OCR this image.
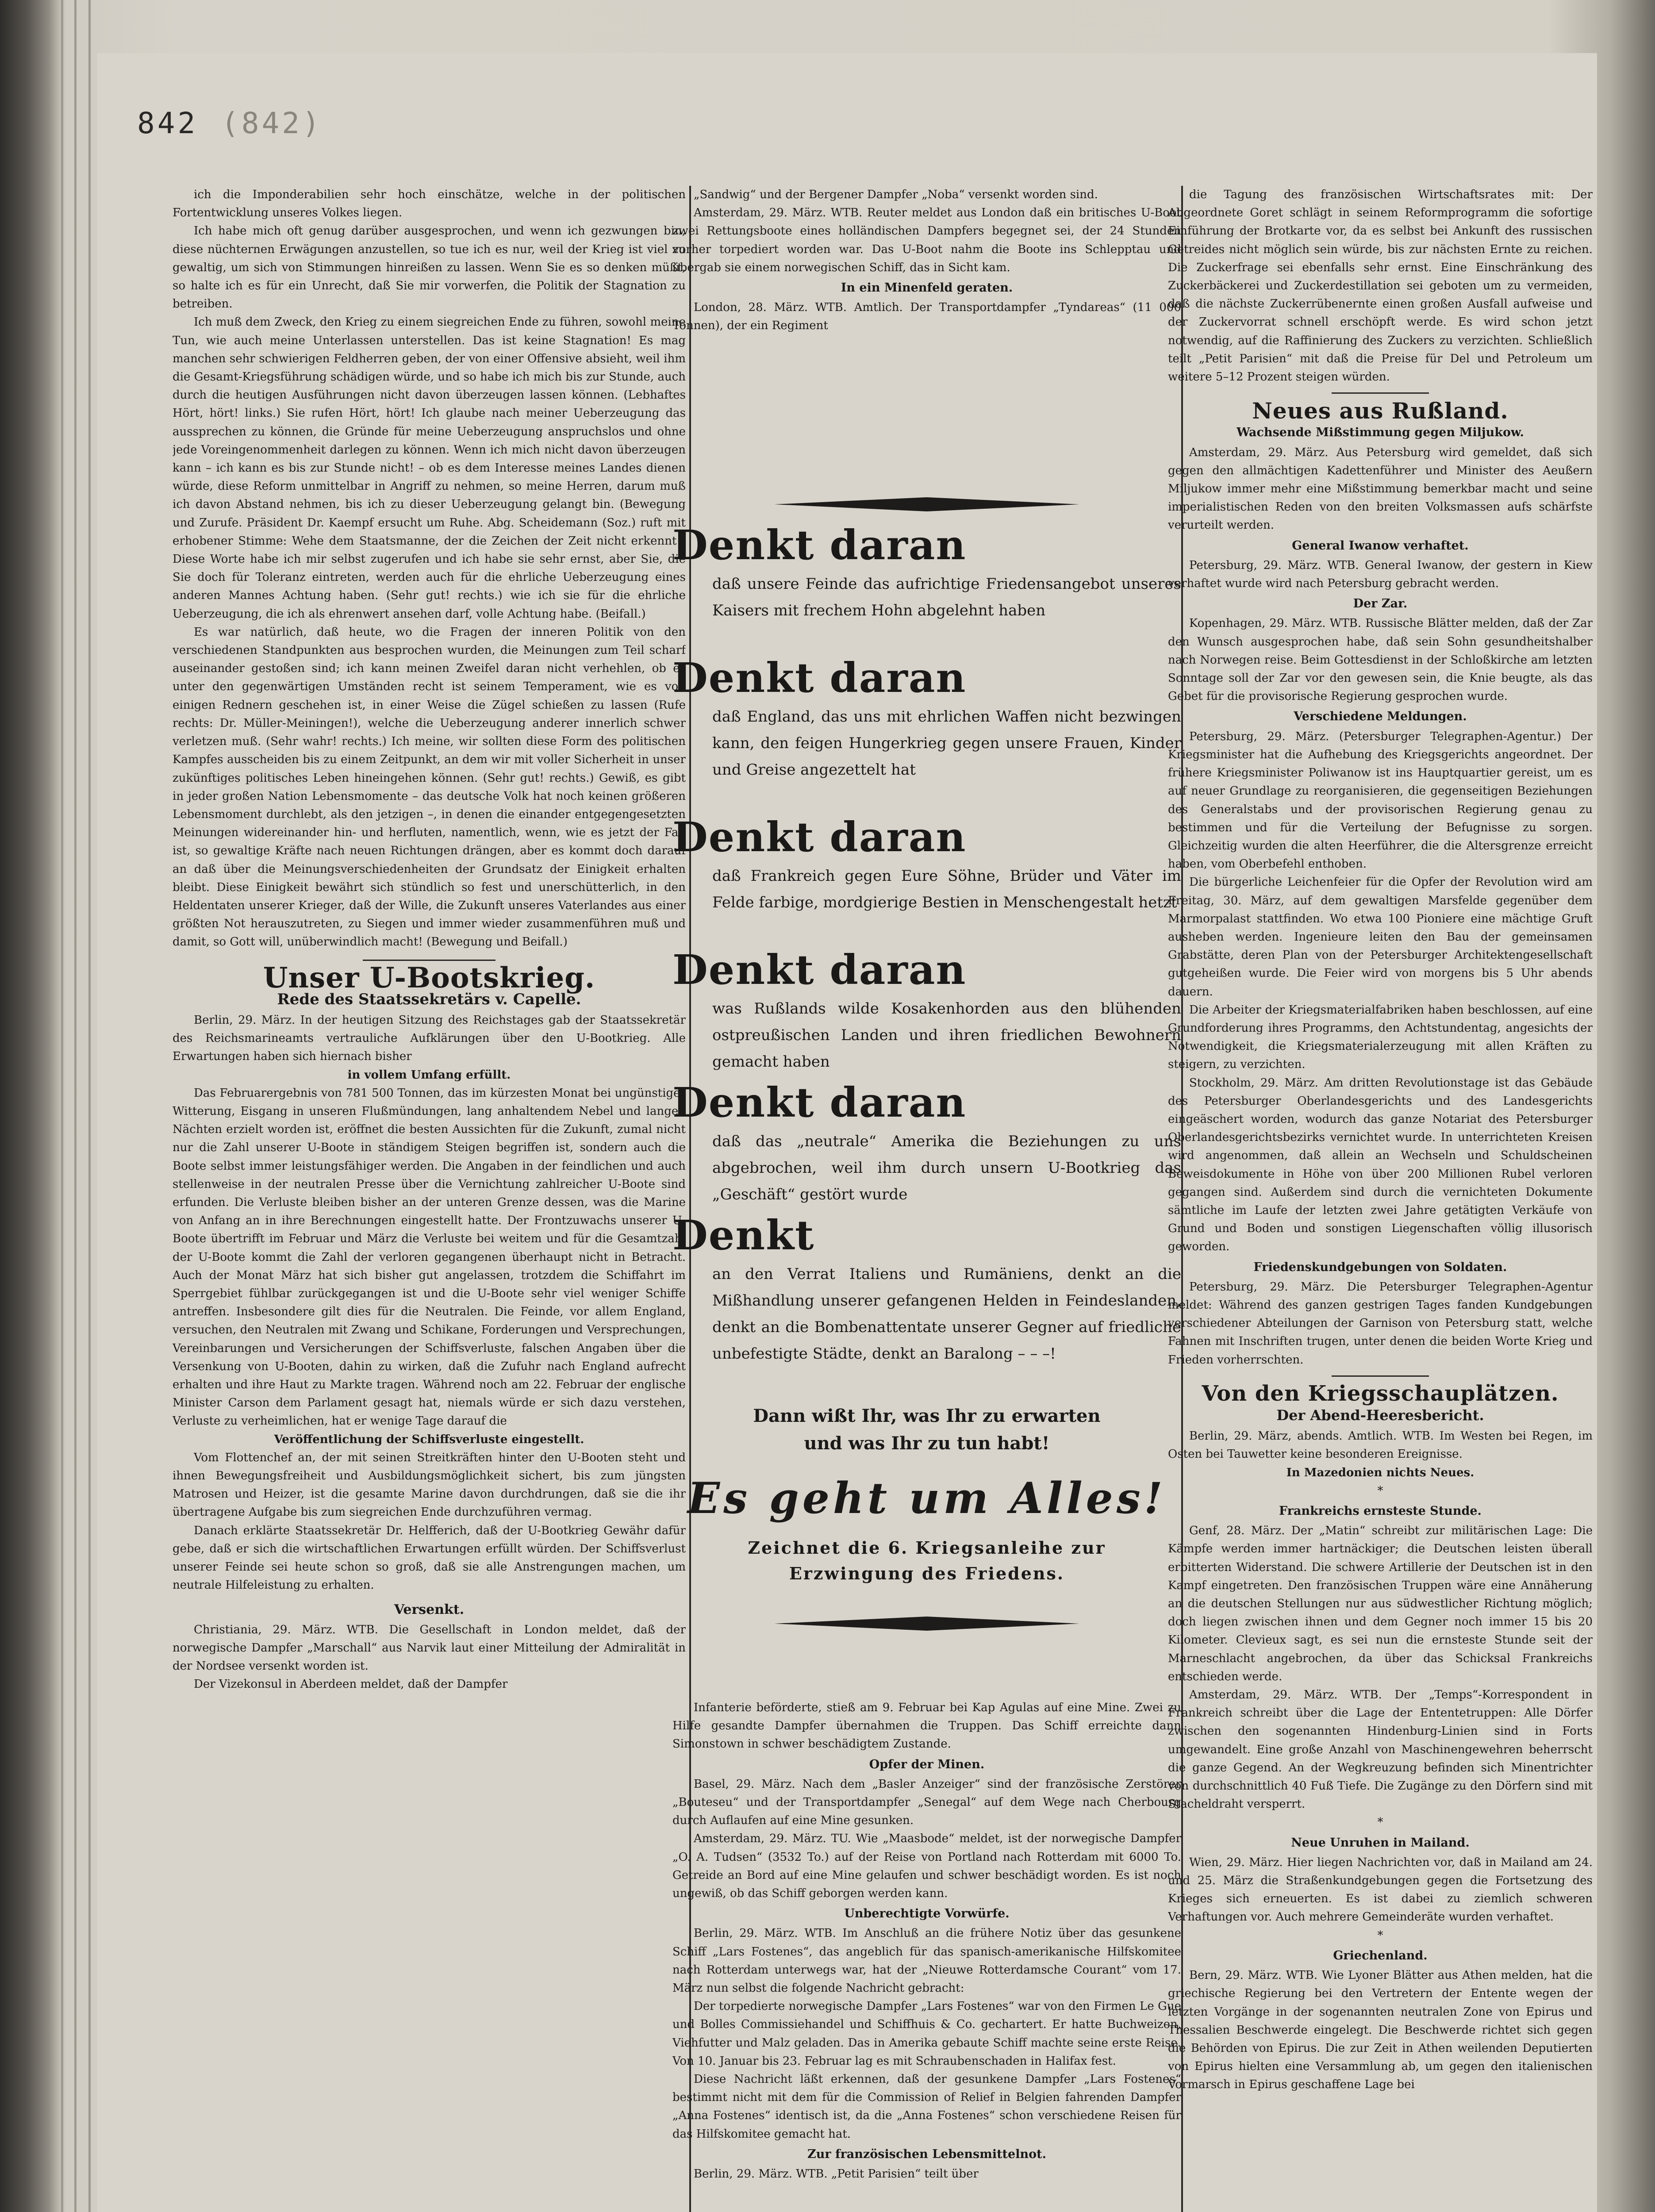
842 (842)

ich die Imponderabilien sehr hoch einschätze, welche in der politischen Fortentwicklung unseres Volkes liegen.

Ich habe mich oft genug darüber ausgesprochen, und wenn ich gezwungen bin, diese nüchternen Erwägungen anzustellen, so tue ich es nur, weil der Krieg ist viel zu gewaltig, um sich von Stimmungen hinreißen zu lassen. Wenn Sie es so denken müßt, so halte ich es für ein Unrecht, daß Sie mir vorwerfen, die Politik der Stagnation zu betreiben.

Ich muß dem Zweck, den Krieg zu einem siegreichen Ende zu führen, sowohl meine Tun, wie auch meine Unterlassen unterstellen. Das ist keine Stagnation! Es mag manchen sehr schwierigen Feldherren geben, der von einer Offensive absieht, weil ihm die Gesamt-Kriegsführung schädigen würde, und so habe ich mich bis zur Stunde, auch durch die heutigen Ausführungen nicht davon überzeugen lassen können. (Lebhaftes Hört, hört! links.) Sie rufen Hört, hört! Ich glaube nach meiner Ueberzeugung das aussprechen zu können, die Gründe für meine Ueberzeugung anspruchslos und ohne jede Voreingenommenheit darlegen zu können. Wenn ich mich nicht davon überzeugen kann – ich kann es bis zur Stunde nicht! – ob es dem Interesse meines Landes dienen würde, diese Reform unmittelbar in Angriff zu nehmen, so meine Herren, darum muß ich davon Abstand nehmen, bis ich zu dieser Ueberzeugung gelangt bin. (Bewegung und Zurufe. Präsident Dr. Kaempf ersucht um Ruhe. Abg. Scheidemann (Soz.) ruft mit erhobener Stimme: Wehe dem Staatsmanne, der die Zeichen der Zeit nicht erkennt!) Diese Worte habe ich mir selbst zugerufen und ich habe sie sehr ernst, aber Sie, die Sie doch für Toleranz eintreten, werden auch für die ehrliche Ueberzeugung eines anderen Mannes Achtung haben. (Sehr gut! rechts.) wie ich sie für die ehrliche Ueberzeugung, die ich als ehrenwert ansehen darf, volle Achtung habe. (Beifall.)

Es war natürlich, daß heute, wo die Fragen der inneren Politik von den verschiedenen Standpunkten aus besprochen wurden, die Meinungen zum Teil scharf auseinander gestoßen sind; ich kann meinen Zweifel daran nicht verhehlen, ob es unter den gegenwärtigen Umständen recht ist seinem Temperament, wie es von einigen Rednern geschehen ist, in einer Weise die Zügel schießen zu lassen (Rufe rechts: Dr. Müller-Meiningen!), welche die Ueberzeugung anderer innerlich schwer verletzen muß. (Sehr wahr! rechts.) Ich meine, wir sollten diese Form des politischen Kampfes ausscheiden bis zu einem Zeitpunkt, an dem wir mit voller Sicherheit in unser zukünftiges politisches Leben hineingehen können. (Sehr gut! rechts.) Gewiß, es gibt in jeder großen Nation Lebensmomente – das deutsche Volk hat noch keinen größeren Lebensmoment durchlebt, als den jetzigen –, in denen die einander entgegengesetzten Meinungen widereinander hin- und herfluten, namentlich, wenn, wie es jetzt der Fall ist, so gewaltige Kräfte nach neuen Richtungen drängen, aber es kommt doch darauf an daß über die Meinungsverschiedenheiten der Grundsatz der Einigkeit erhalten bleibt. Diese Einigkeit bewährt sich stündlich so fest und unerschütterlich, in den Heldentaten unserer Krieger, daß der Wille, die Zukunft unseres Vaterlandes aus einer größten Not herauszutreten, zu Siegen und immer wieder zusammenführen muß und damit, so Gott will, unüberwindlich macht! (Bewegung und Beifall.)

Unser U-Bootskrieg.
Rede des Staatssekretärs v. Capelle.

Berlin, 29. März. In der heutigen Sitzung des Reichstages gab der Staatssekretär des Reichsmarineamts vertrauliche Aufklärungen über den U-Bootkrieg. Alle Erwartungen haben sich hiernach bisher

in vollem Umfang erfüllt.

Das Februarergebnis von 781 500 Tonnen, das im kürzesten Monat bei ungünstiger Witterung, Eisgang in unseren Flußmündungen, lang anhaltendem Nebel und langen Nächten erzielt worden ist, eröffnet die besten Aussichten für die Zukunft, zumal nicht nur die Zahl unserer U-Boote in ständigem Steigen begriffen ist, sondern auch die Boote selbst immer leistungsfähiger werden. Die Angaben in der feindlichen und auch stellenweise in der neutralen Presse über die Vernichtung zahlreicher U-Boote sind erfunden. Die Verluste bleiben bisher an der unteren Grenze dessen, was die Marine von Anfang an in ihre Berechnungen eingestellt hatte. Der Frontzuwachs unserer U-Boote übertrifft im Februar und März die Verluste bei weitem und für die Gesamtzahl der U-Boote kommt die Zahl der verloren gegangenen überhaupt nicht in Betracht. Auch der Monat März hat sich bisher gut angelassen, trotzdem die Schiffahrt im Sperrgebiet fühlbar zurückgegangen ist und die U-Boote sehr viel weniger Schiffe antreffen. Insbesondere gilt dies für die Neutralen. Die Feinde, vor allem England, versuchen, den Neutralen mit Zwang und Schikane, Forderungen und Versprechungen, Vereinbarungen und Versicherungen der Schiffsverluste, falschen Angaben über die Versenkung von U-Booten, dahin zu wirken, daß die Zufuhr nach England aufrecht erhalten und ihre Haut zu Markte tragen. Während noch am 22. Februar der englische Minister Carson dem Parlament gesagt hat, niemals würde er sich dazu verstehen, Verluste zu verheimlichen, hat er wenige Tage darauf die

Veröffentlichung der Schiffsverluste eingestellt.

Vom Flottenchef an, der mit seinen Streitkräften hinter den U-Booten steht und ihnen Bewegungsfreiheit und Ausbildungsmöglichkeit sichert, bis zum jüngsten Matrosen und Heizer, ist die gesamte Marine davon durchdrungen, daß sie die ihr übertragene Aufgabe bis zum siegreichen Ende durchzuführen vermag.

Danach erklärte Staatssekretär Dr. Helfferich, daß der U-Bootkrieg Gewähr dafür gebe, daß er sich die wirtschaftlichen Erwartungen erfüllt würden. Der Schiffsverlust unserer Feinde sei heute schon so groß, daß sie alle Anstrengungen machen, um neutrale Hilfeleistung zu erhalten.

Versenkt.

Christiania, 29. März. WTB. Die Gesellschaft in London meldet, daß der norwegische Dampfer „Marschall“ aus Narvik laut einer Mitteilung der Admiralität in der Nordsee versenkt worden ist.

Der Vizekonsul in Aberdeen meldet, daß der Dampfer

„Sandwig“ und der Bergener Dampfer „Noba“ versenkt worden sind.

Amsterdam, 29. März. WTB. Reuter meldet aus London daß ein britisches U-Boot zwei Rettungsboote eines holländischen Dampfers begegnet sei, der 24 Stunden vorher torpediert worden war. Das U-Boot nahm die Boote ins Schlepptau und übergab sie einem norwegischen Schiff, das in Sicht kam.

In ein Minenfeld geraten.

London, 28. März. WTB. Amtlich. Der Transportdampfer „Tyndareas“ (11 000 Tonnen), der ein Regiment

Denkt daran
daß unsere Feinde das aufrichtige Friedensangebot unseres Kaisers mit frechem Hohn abgelehnt haben
Denkt daran
daß England, das uns mit ehrlichen Waffen nicht bezwingen kann, den feigen Hungerkrieg gegen unsere Frauen, Kinder und Greise angezettelt hat
Denkt daran
daß Frankreich gegen Eure Söhne, Brüder und Väter im Felde farbige, mordgierige Bestien in Menschengestalt hetzt
Denkt daran
was Rußlands wilde Kosakenhorden aus den blühenden ostpreußischen Landen und ihren friedlichen Bewohnern gemacht haben
Denkt daran
daß das „neutrale“ Amerika die Beziehungen zu uns abgebrochen, weil ihm durch unsern U-Bootkrieg das „Geschäft“ gestört wurde
Denkt
an den Verrat Italiens und Rumäniens, denkt an die Mißhandlung unserer gefangenen Helden in Feindeslanden, denkt an die Bombenattentate unserer Gegner auf friedliche unbefestigte Städte, denkt an Baralong – – –!
Dann wißt Ihr, was Ihr zu erwarten und was Ihr zu tun habt!
Es geht um Alles!
Zeichnet die 6. Kriegsanleihe zur Erzwingung des Friedens.

Infanterie beförderte, stieß am 9. Februar bei Kap Agulas auf eine Mine. Zwei zu Hilfe gesandte Dampfer übernahmen die Truppen. Das Schiff erreichte dann Simonstown in schwer beschädigtem Zustande.

Opfer der Minen.

Basel, 29. März. Nach dem „Basler Anzeiger“ sind der französische Zerstörer „Bouteseu“ und der Transportdampfer „Senegal“ auf dem Wege nach Cherbourg durch Auflaufen auf eine Mine gesunken.

Amsterdam, 29. März. TU. Wie „Maasbode“ meldet, ist der norwegische Dampfer „O. A. Tudsen“ (3532 To.) auf der Reise von Portland nach Rotterdam mit 6000 To. Getreide an Bord auf eine Mine gelaufen und schwer beschädigt worden. Es ist noch ungewiß, ob das Schiff geborgen werden kann.

Unberechtigte Vorwürfe.

Berlin, 29. März. WTB. Im Anschluß an die frühere Notiz über das gesunkene Schiff „Lars Fostenes“, das angeblich für das spanisch-amerikanische Hilfskomitee nach Rotterdam unterwegs war, hat der „Nieuwe Rotterdamsche Courant“ vom 17. März nun selbst die folgende Nachricht gebracht:

Der torpedierte norwegische Dampfer „Lars Fostenes“ war von den Firmen Le Gue und Bolles Commissiehandel und Schiffhuis & Co. gechartert. Er hatte Buchweizen, Viehfutter und Malz geladen. Das in Amerika gebaute Schiff machte seine erste Reise. Von 10. Januar bis 23. Februar lag es mit Schraubenschaden in Halifax fest.

Diese Nachricht läßt erkennen, daß der gesunkene Dampfer „Lars Fostenes“ bestimmt nicht mit dem für die Commission of Relief in Belgien fahrenden Dampfer „Anna Fostenes“ identisch ist, da die „Anna Fostenes“ schon verschiedene Reisen für das Hilfskomitee gemacht hat.

Zur französischen Lebensmittelnot.

Berlin, 29. März. WTB. „Petit Parisien“ teilt über

die Tagung des französischen Wirtschaftsrates mit: Der Abgeordnete Goret schlägt in seinem Reformprogramm die sofortige Einführung der Brotkarte vor, da es selbst bei Ankunft des russischen Getreides nicht möglich sein würde, bis zur nächsten Ernte zu reichen. Die Zuckerfrage sei ebenfalls sehr ernst. Eine Einschränkung des Zuckerbäckerei und Zuckerdestillation sei geboten um zu vermeiden, daß die nächste Zuckerrübenernte einen großen Ausfall aufweise und der Zuckervorrat schnell erschöpft werde. Es wird schon jetzt notwendig, auf die Raffinierung des Zuckers zu verzichten. Schließlich teilt „Petit Parisien“ mit daß die Preise für Del und Petroleum um weitere 5–12 Prozent steigen würden.

Neues aus Rußland.
Wachsende Mißstimmung gegen Miljukow.

Amsterdam, 29. März. Aus Petersburg wird gemeldet, daß sich gegen den allmächtigen Kadettenführer und Minister des Aeußern Miljukow immer mehr eine Mißstimmung bemerkbar macht und seine imperialistischen Reden von den breiten Volksmassen aufs schärfste verurteilt werden.

General Iwanow verhaftet.

Petersburg, 29. März. WTB. General Iwanow, der gestern in Kiew verhaftet wurde wird nach Petersburg gebracht werden.

Der Zar.

Kopenhagen, 29. März. WTB. Russische Blätter melden, daß der Zar den Wunsch ausgesprochen habe, daß sein Sohn gesundheitshalber nach Norwegen reise. Beim Gottesdienst in der Schloßkirche am letzten Sonntage soll der Zar vor den gewesen sein, die Knie beugte, als das Gebet für die provisorische Regierung gesprochen wurde.

Verschiedene Meldungen.

Petersburg, 29. März. (Petersburger Telegraphen-Agentur.) Der Kriegsminister hat die Aufhebung des Kriegsgerichts angeordnet. Der frühere Kriegsminister Poliwanow ist ins Hauptquartier gereist, um es auf neuer Grundlage zu reorganisieren, die gegenseitigen Beziehungen des Generalstabs und der provisorischen Regierung genau zu bestimmen und für die Verteilung der Befugnisse zu sorgen. Gleichzeitig wurden die alten Heerführer, die die Altersgrenze erreicht haben, vom Oberbefehl enthoben.

Die bürgerliche Leichenfeier für die Opfer der Revolution wird am Freitag, 30. März, auf dem gewaltigen Marsfelde gegenüber dem Marmorpalast stattfinden. Wo etwa 100 Pioniere eine mächtige Gruft ausheben werden. Ingenieure leiten den Bau der gemeinsamen Grabstätte, deren Plan von der Petersburger Architektengesellschaft gutgeheißen wurde. Die Feier wird von morgens bis 5 Uhr abends dauern.

Die Arbeiter der Kriegsmaterialfabriken haben beschlossen, auf eine Grundforderung ihres Programms, den Achtstundentag, angesichts der Notwendigkeit, die Kriegsmaterialerzeugung mit allen Kräften zu steigern, zu verzichten.

Stockholm, 29. März. Am dritten Revolutionstage ist das Gebäude des Petersburger Oberlandesgerichts und des Landesgerichts eingeäschert worden, wodurch das ganze Notariat des Petersburger Oberlandesgerichtsbezirks vernichtet wurde. In unterrichteten Kreisen wird angenommen, daß allein an Wechseln und Schuldscheinen Beweisdokumente in Höhe von über 200 Millionen Rubel verloren gegangen sind. Außerdem sind durch die vernichteten Dokumente sämtliche im Laufe der letzten zwei Jahre getätigten Verkäufe von Grund und Boden und sonstigen Liegenschaften völlig illusorisch geworden.

Friedenskundgebungen von Soldaten.

Petersburg, 29. März. Die Petersburger Telegraphen-Agentur meldet: Während des ganzen gestrigen Tages fanden Kundgebungen verschiedener Abteilungen der Garnison von Petersburg statt, welche Fahnen mit Inschriften trugen, unter denen die beiden Worte Krieg und Frieden vorherrschten.

Von den Kriegsschauplätzen.
Der Abend-Heeresbericht.

Berlin, 29. März, abends. Amtlich. WTB. Im Westen bei Regen, im Osten bei Tauwetter keine besonderen Ereignisse.

In Mazedonien nichts Neues.

*
Frankreichs ernsteste Stunde.

Genf, 28. März. Der „Matin“ schreibt zur militärischen Lage: Die Kämpfe werden immer hartnäckiger; die Deutschen leisten überall erbitterten Widerstand. Die schwere Artillerie der Deutschen ist in den Kampf eingetreten. Den französischen Truppen wäre eine Annäherung an die deutschen Stellungen nur aus südwestlicher Richtung möglich; doch liegen zwischen ihnen und dem Gegner noch immer 15 bis 20 Kilometer. Clevieux sagt, es sei nun die ernsteste Stunde seit der Marneschlacht angebrochen, da über das Schicksal Frankreichs entschieden werde.

Amsterdam, 29. März. WTB. Der „Temps“-Korrespondent in Frankreich schreibt über die Lage der Ententetruppen: Alle Dörfer zwischen den sogenannten Hindenburg-Linien sind in Forts umgewandelt. Eine große Anzahl von Maschinengewehren beherrscht die ganze Gegend. An der Wegkreuzung befinden sich Minentrichter von durchschnittlich 40 Fuß Tiefe. Die Zugänge zu den Dörfern sind mit Stacheldraht versperrt.

*
Neue Unruhen in Mailand.

Wien, 29. März. Hier liegen Nachrichten vor, daß in Mailand am 24. und 25. März die Straßenkundgebungen gegen die Fortsetzung des Krieges sich erneuerten. Es ist dabei zu ziemlich schweren Verhaftungen vor. Auch mehrere Gemeinderäte wurden verhaftet.

*
Griechenland.

Bern, 29. März. WTB. Wie Lyoner Blätter aus Athen melden, hat die griechische Regierung bei den Vertretern der Entente wegen der letzten Vorgänge in der sogenannten neutralen Zone von Epirus und Thessalien Beschwerde eingelegt. Die Beschwerde richtet sich gegen die Behörden von Epirus. Die zur Zeit in Athen weilenden Deputierten von Epirus hielten eine Versammlung ab, um gegen den italienischen Vormarsch in Epirus geschaffene Lage bei
